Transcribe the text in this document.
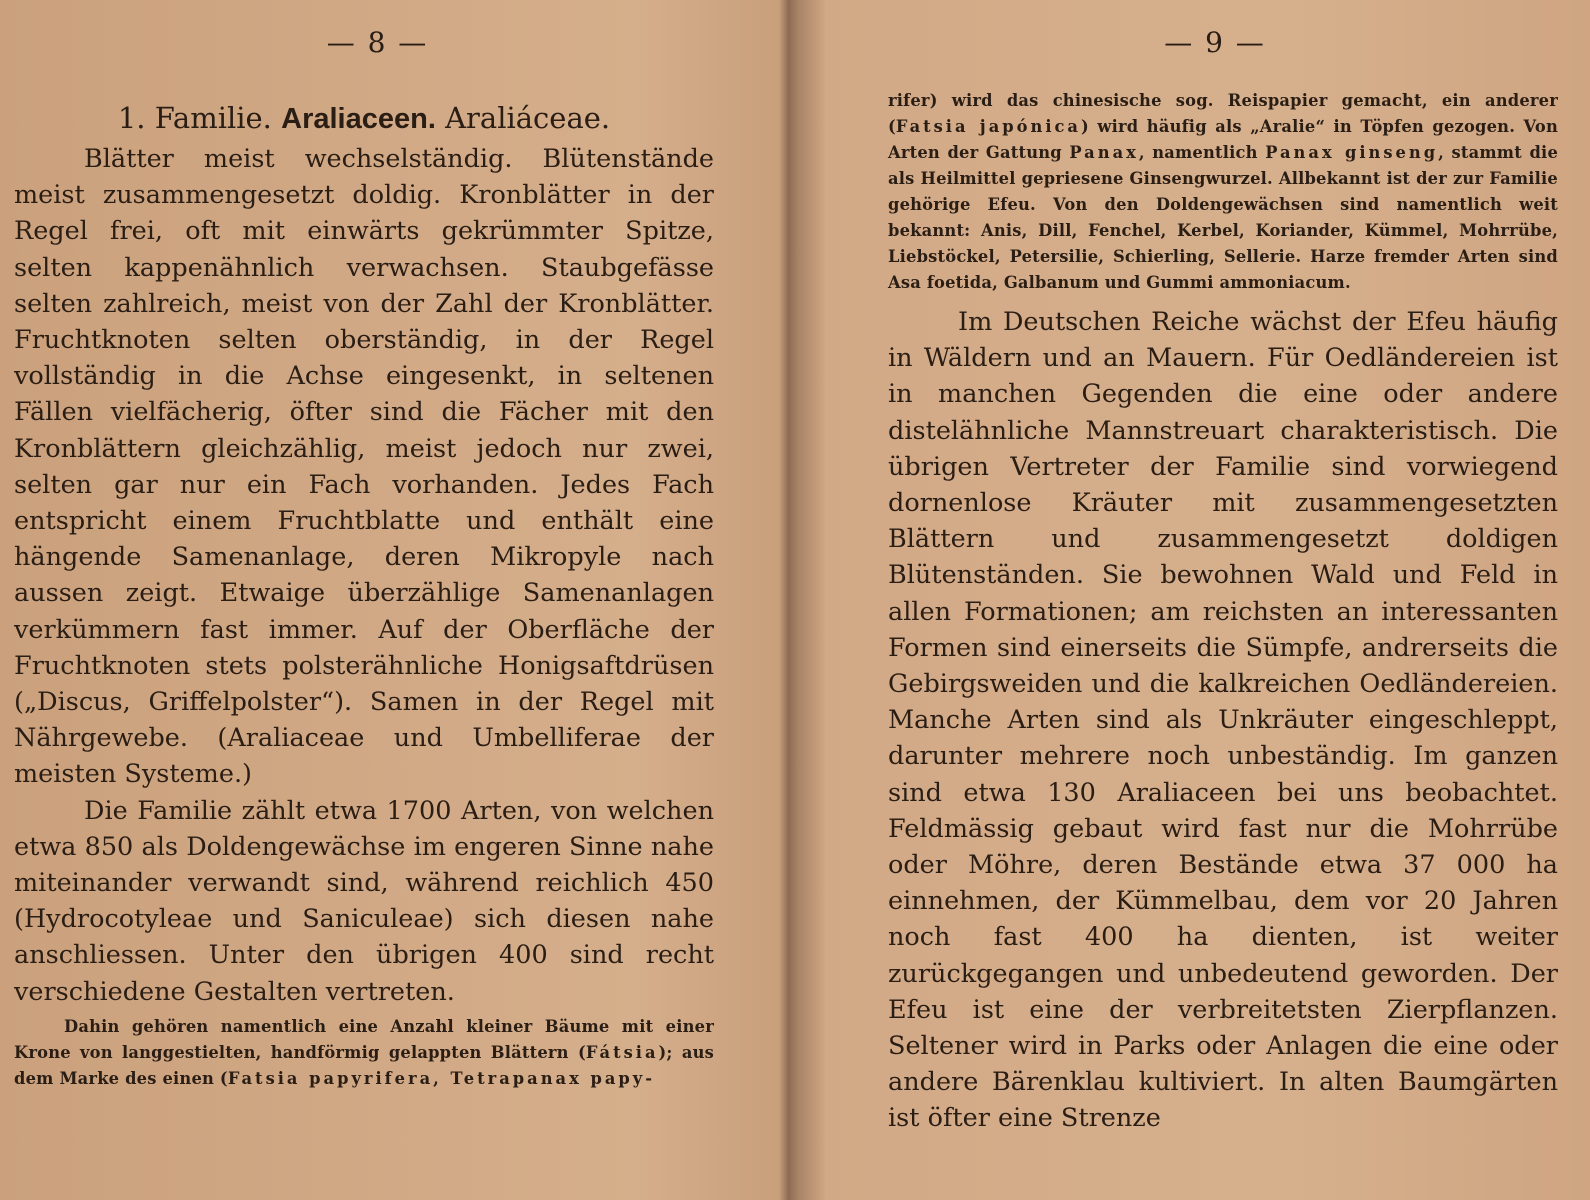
— 8 —
1. Familie. Araliaceen. Araliáceae.

Blätter meist wechselständig. Blütenstände meist zusammengesetzt doldig. Kronblätter in der Regel frei, oft mit einwärts gekrümmter Spitze, selten kappenähnlich verwachsen. Staubgefässe selten zahlreich, meist von der Zahl der Kronblätter. Fruchtknoten selten oberständig, in der Regel vollständig in die Achse eingesenkt, in seltenen Fällen vielfächerig, öfter sind die Fächer mit den Kronblättern gleichzählig, meist jedoch nur zwei, selten gar nur ein Fach vorhanden. Jedes Fach entspricht einem Fruchtblatte und enthält eine hängende Samenanlage, deren Mikropyle nach aussen zeigt. Etwaige überzählige Samenanlagen verkümmern fast immer. Auf der Oberfläche der Fruchtknoten stets polsterähnliche Honigsaftdrüsen („Discus, Griffelpolster“). Samen in der Regel mit Nährgewebe. (Araliaceae und Umbelliferae der meisten Systeme.)

Die Familie zählt etwa 1700 Arten, von welchen etwa 850 als Doldengewächse im engeren Sinne nahe miteinander verwandt sind, während reichlich 450 (Hydrocotyleae und Saniculeae) sich diesen nahe anschliessen. Unter den übrigen 400 sind recht verschiedene Gestalten vertreten.

Dahin gehören namentlich eine Anzahl kleiner Bäume mit einer Krone von langgestielten, handförmig gelappten Blättern (Fátsia); aus dem Marke des einen (Fatsia papyrifera, Tetrapanax papy-

— 9 —

rifer) wird das chinesische sog. Reispapier gemacht, ein anderer (Fatsia japónica) wird häufig als „Aralie“ in Töpfen gezogen. Von Arten der Gattung Panax, namentlich Panax ginseng, stammt die als Heilmittel gepriesene Ginsengwurzel. Allbekannt ist der zur Familie gehörige Efeu. Von den Doldengewächsen sind namentlich weit bekannt: Anis, Dill, Fenchel, Kerbel, Koriander, Kümmel, Mohrrübe, Liebstöckel, Petersilie, Schierling, Sellerie. Harze fremder Arten sind Asa foetida, Galbanum und Gummi ammoniacum.

Im Deutschen Reiche wächst der Efeu häufig in Wäldern und an Mauern. Für Oedländereien ist in manchen Gegenden die eine oder andere distelähnliche Mannstreuart charakteristisch. Die übrigen Vertreter der Familie sind vorwiegend dornenlose Kräuter mit zusammengesetzten Blättern und zusammengesetzt doldigen Blütenständen. Sie bewohnen Wald und Feld in allen Formationen; am reichsten an interessanten Formen sind einerseits die Sümpfe, andrerseits die Gebirgsweiden und die kalkreichen Oedländereien. Manche Arten sind als Unkräuter eingeschleppt, darunter mehrere noch unbeständig. Im ganzen sind etwa 130 Araliaceen bei uns beobachtet. Feldmässig gebaut wird fast nur die Mohrrübe oder Möhre, deren Bestände etwa 37 000 ha einnehmen, der Kümmelbau, dem vor 20 Jahren noch fast 400 ha dienten, ist weiter zurückgegangen und unbedeutend geworden. Der Efeu ist eine der verbreitetsten Zierpflanzen. Seltener wird in Parks oder Anlagen die eine oder andere Bärenklau kultiviert. In alten Baumgärten ist öfter eine Strenze
